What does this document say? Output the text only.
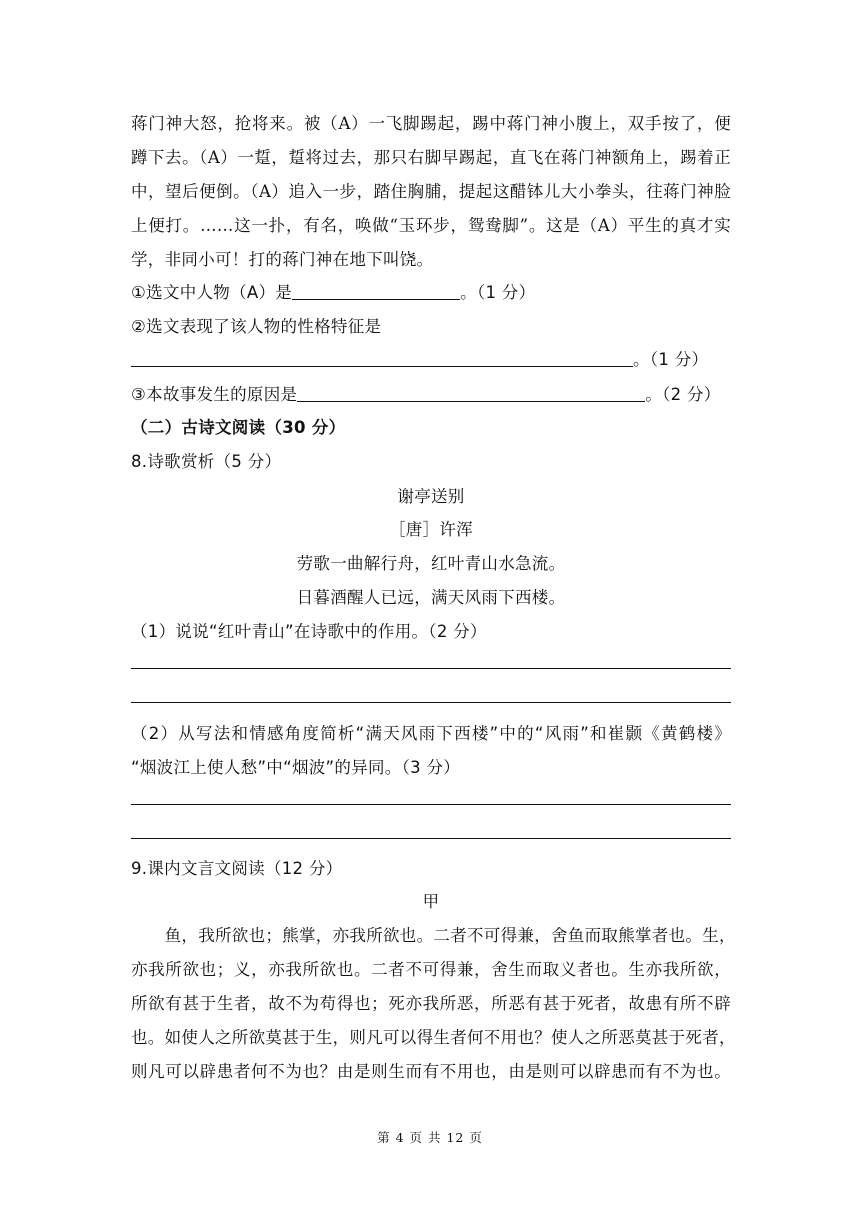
蒋门神大怒，抢将来。被（A）一飞脚踢起，踢中蒋门神小腹上，双手按了，便
蹲下去。（A）一踅，踅将过去，那只右脚早踢起，直飞在蒋门神额角上，踢着正
中，望后便倒。（A）追入一步，踏住胸脯，提起这醋钵儿大小拳头，往蒋门神脸
上便打。……这一扑，有名，唤做“玉环步，鸳鸯脚”。这是（A）平生的真才实
学，非同小可！打的蒋门神在地下叫饶。
①选文中人物（A）是	。（1 分）
②选文表现了该人物的性格特征是
。（1 分）
③本故事发生的原因是	。（2 分）
（二）古诗文阅读（30 分）
8.诗歌赏析（5 分）
谢亭送别
［唐］许浑
劳歌一曲解行舟，红叶青山水急流。
日暮酒醒人已远，满天风雨下西楼。
（1）说说“红叶青山”在诗歌中的作用。（2 分）
（2）从写法和情感角度简析“满天风雨下西楼”中的“风雨”和崔颢《黄鹤楼》
“烟波江上使人愁”中“烟波”的异同。（3 分）
9.课内文言文阅读（12 分）
甲
　　鱼，我所欲也；熊掌，亦我所欲也。二者不可得兼，舍鱼而取熊掌者也。生，
亦我所欲也；义，亦我所欲也。二者不可得兼，舍生而取义者也。生亦我所欲，
所欲有甚于生者，故不为苟得也；死亦我所恶，所恶有甚于死者，故患有所不辟
也。如使人之所欲莫甚于生，则凡可以得生者何不用也？使人之所恶莫甚于死者，
则凡可以辟患者何不为也？由是则生而有不用也，由是则可以辟患而有不为也。
第 4 页 共 12 页
